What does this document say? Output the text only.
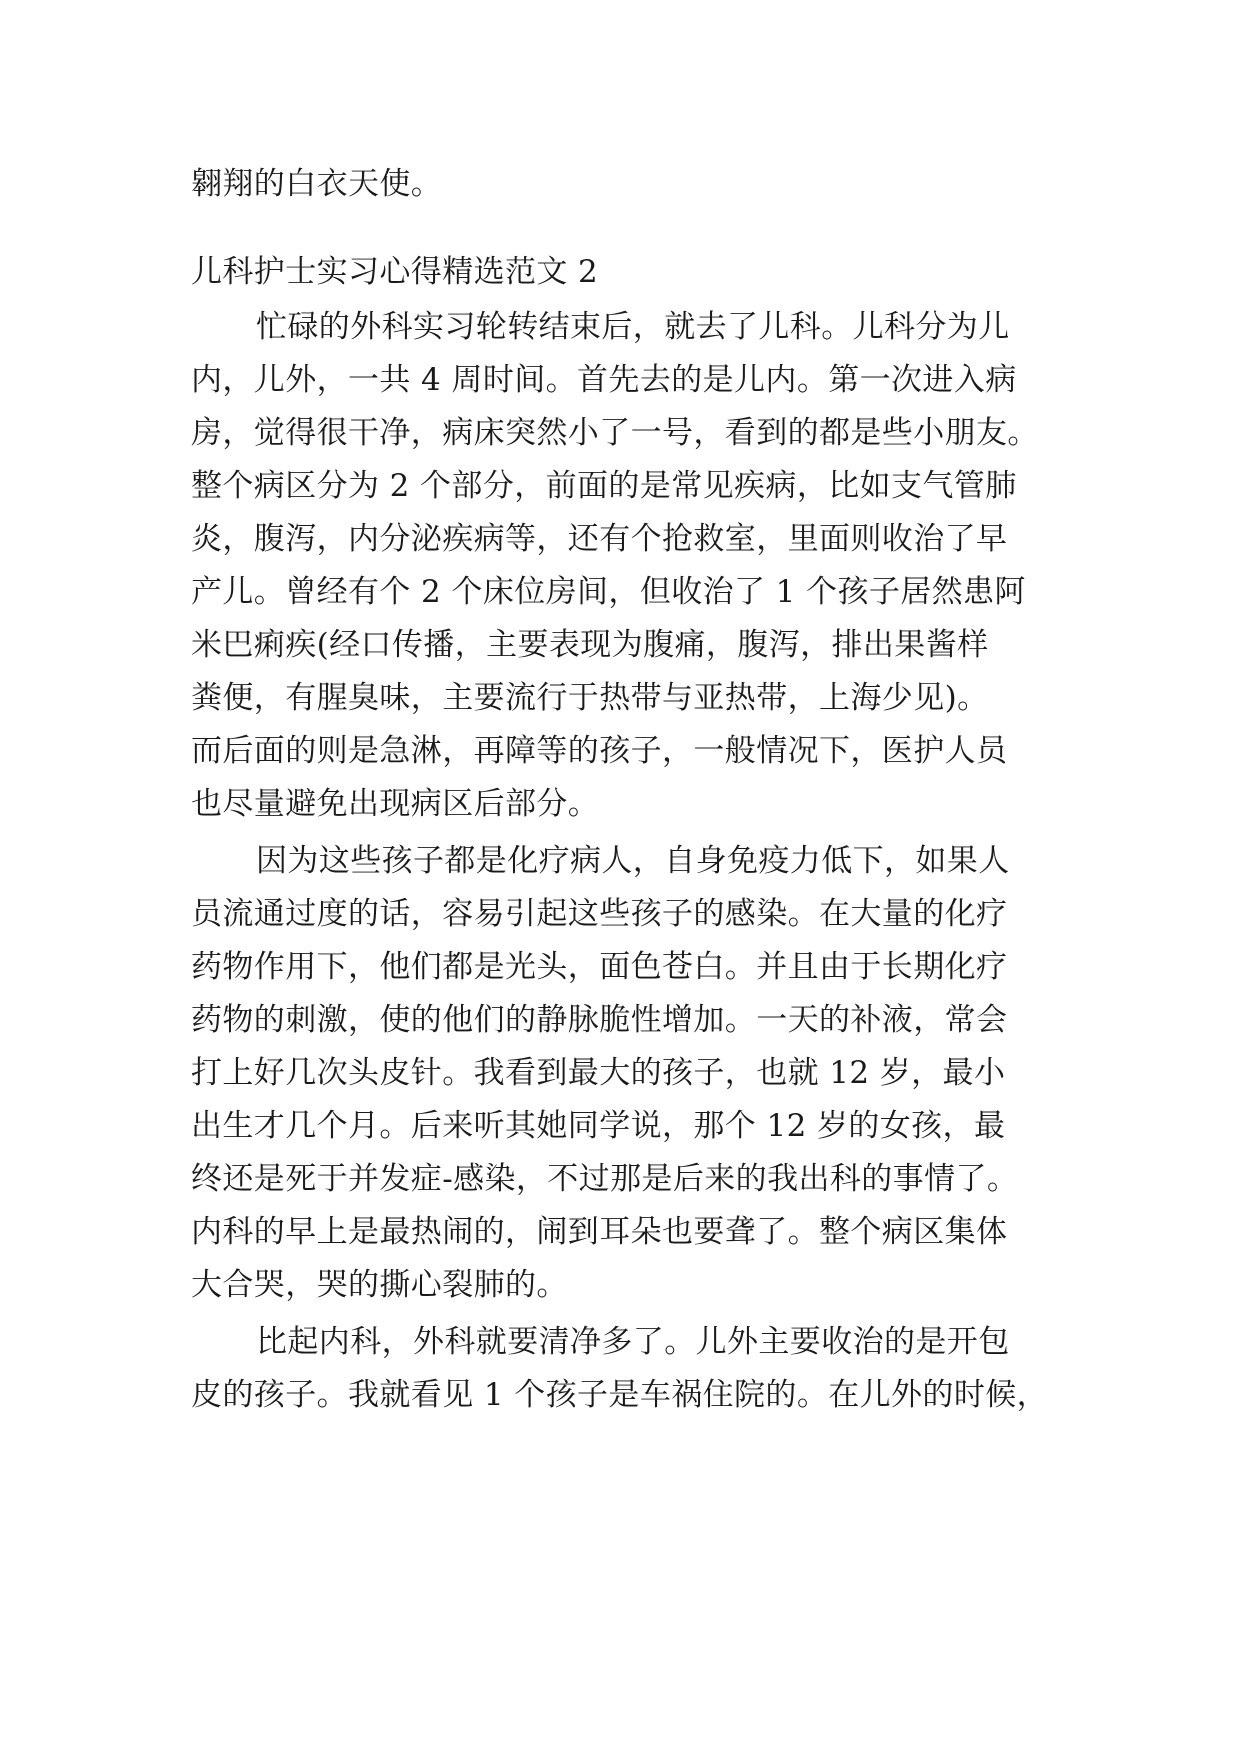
翱翔的白衣天使。
儿科护士实习心得精选范文 2
忙碌的外科实习轮转结束后，就去了儿科。儿科分为儿
内，儿外，一共 4 周时间。首先去的是儿内。第一次进入病
房，觉得很干净，病床突然小了一号，看到的都是些小朋友。
整个病区分为 2 个部分，前面的是常见疾病，比如支气管肺
炎，腹泻，内分泌疾病等，还有个抢救室，里面则收治了早
产儿。曾经有个 2 个床位房间，但收治了 1 个孩子居然患阿
米巴痢疾(经口传播，主要表现为腹痛，腹泻，排出果酱样
粪便，有腥臭味，主要流行于热带与亚热带，上海少见)。
而后面的则是急淋，再障等的孩子，一般情况下，医护人员
也尽量避免出现病区后部分。
因为这些孩子都是化疗病人，自身免疫力低下，如果人
员流通过度的话，容易引起这些孩子的感染。在大量的化疗
药物作用下，他们都是光头，面色苍白。并且由于长期化疗
药物的刺激，使的他们的静脉脆性增加。一天的补液，常会
打上好几次头皮针。我看到最大的孩子，也就 12 岁，最小
出生才几个月。后来听其她同学说，那个 12 岁的女孩，最
终还是死于并发症-感染，不过那是后来的我出科的事情了。
内科的早上是最热闹的，闹到耳朵也要聋了。整个病区集体
大合哭，哭的撕心裂肺的。
比起内科，外科就要清净多了。儿外主要收治的是开包
皮的孩子。我就看见 1 个孩子是车祸住院的。在儿外的时候，
